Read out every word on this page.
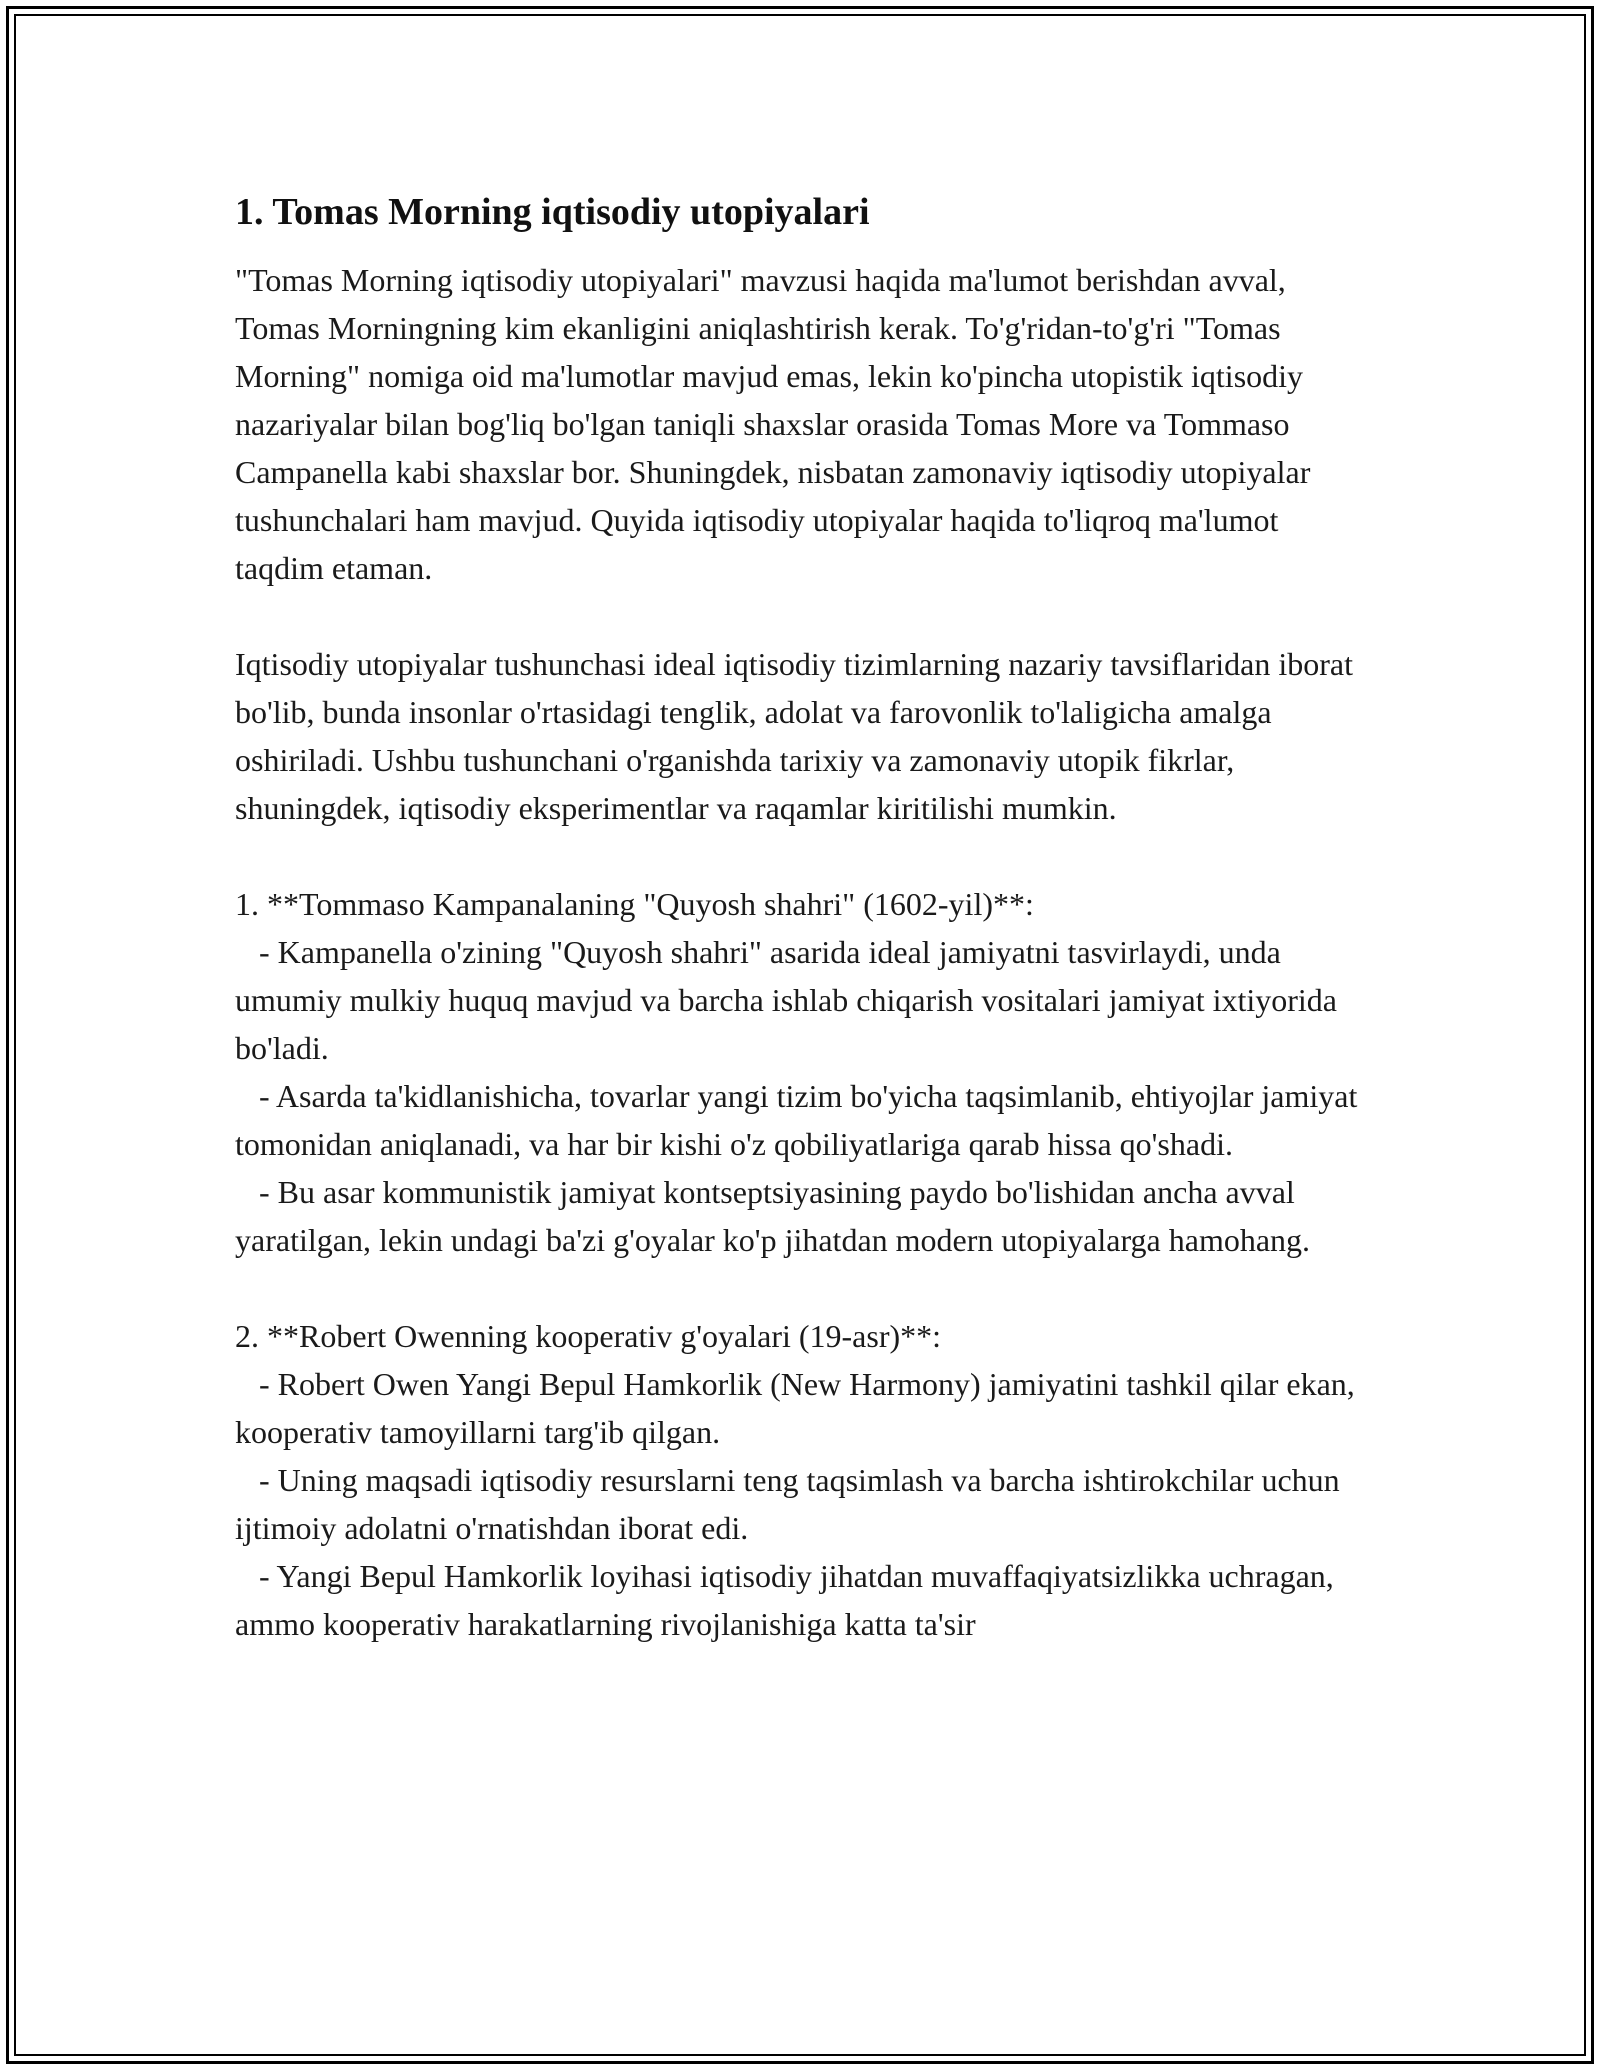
1. Tomas Morning iqtisodiy utopiyalari

"Tomas Morning iqtisodiy utopiyalari" mavzusi haqida ma'lumot berishdan avval, Tomas Morningning kim ekanligini aniqlashtirish kerak. To'g'ridan-to'g'ri "Tomas Morning" nomiga oid ma'lumotlar mavjud emas, lekin ko'pincha utopistik iqtisodiy nazariyalar bilan bog'liq bo'lgan taniqli shaxslar orasida Tomas More va Tommaso Campanella kabi shaxslar bor. Shuningdek, nisbatan zamonaviy iqtisodiy utopiyalar tushunchalari ham mavjud. Quyida iqtisodiy utopiyalar haqida to'liqroq ma'lumot taqdim etaman.

Iqtisodiy utopiyalar tushunchasi ideal iqtisodiy tizimlarning nazariy tavsiflaridan iborat bo'lib, bunda insonlar o'rtasidagi tenglik, adolat va farovonlik to'laligicha amalga oshiriladi. Ushbu tushunchani o'rganishda tarixiy va zamonaviy utopik fikrlar, shuningdek, iqtisodiy eksperimentlar va raqamlar kiritilishi mumkin.

1. **Tommaso Kampanalaning "Quyosh shahri" (1602-yil)**:
- Kampanella o'zining "Quyosh shahri" asarida ideal jamiyatni tasvirlaydi, unda umumiy mulkiy huquq mavjud va barcha ishlab chiqarish vositalari jamiyat ixtiyorida bo'ladi.
- Asarda ta'kidlanishicha, tovarlar yangi tizim bo'yicha taqsimlanib, ehtiyojlar jamiyat tomonidan aniqlanadi, va har bir kishi o'z qobiliyatlariga qarab hissa qo'shadi.
- Bu asar kommunistik jamiyat kontseptsiyasining paydo bo'lishidan ancha avval yaratilgan, lekin undagi ba'zi g'oyalar ko'p jihatdan modern utopiyalarga hamohang.

2. **Robert Owenning kooperativ g'oyalari (19-asr)**:
- Robert Owen Yangi Bepul Hamkorlik (New Harmony) jamiyatini tashkil qilar ekan, kooperativ tamoyillarni targ'ib qilgan.
- Uning maqsadi iqtisodiy resurslarni teng taqsimlash va barcha ishtirokchilar uchun ijtimoiy adolatni o'rnatishdan iborat edi.
- Yangi Bepul Hamkorlik loyihasi iqtisodiy jihatdan muvaffaqiyatsizlikka uchragan, ammo kooperativ harakatlarning rivojlanishiga katta ta'sir
